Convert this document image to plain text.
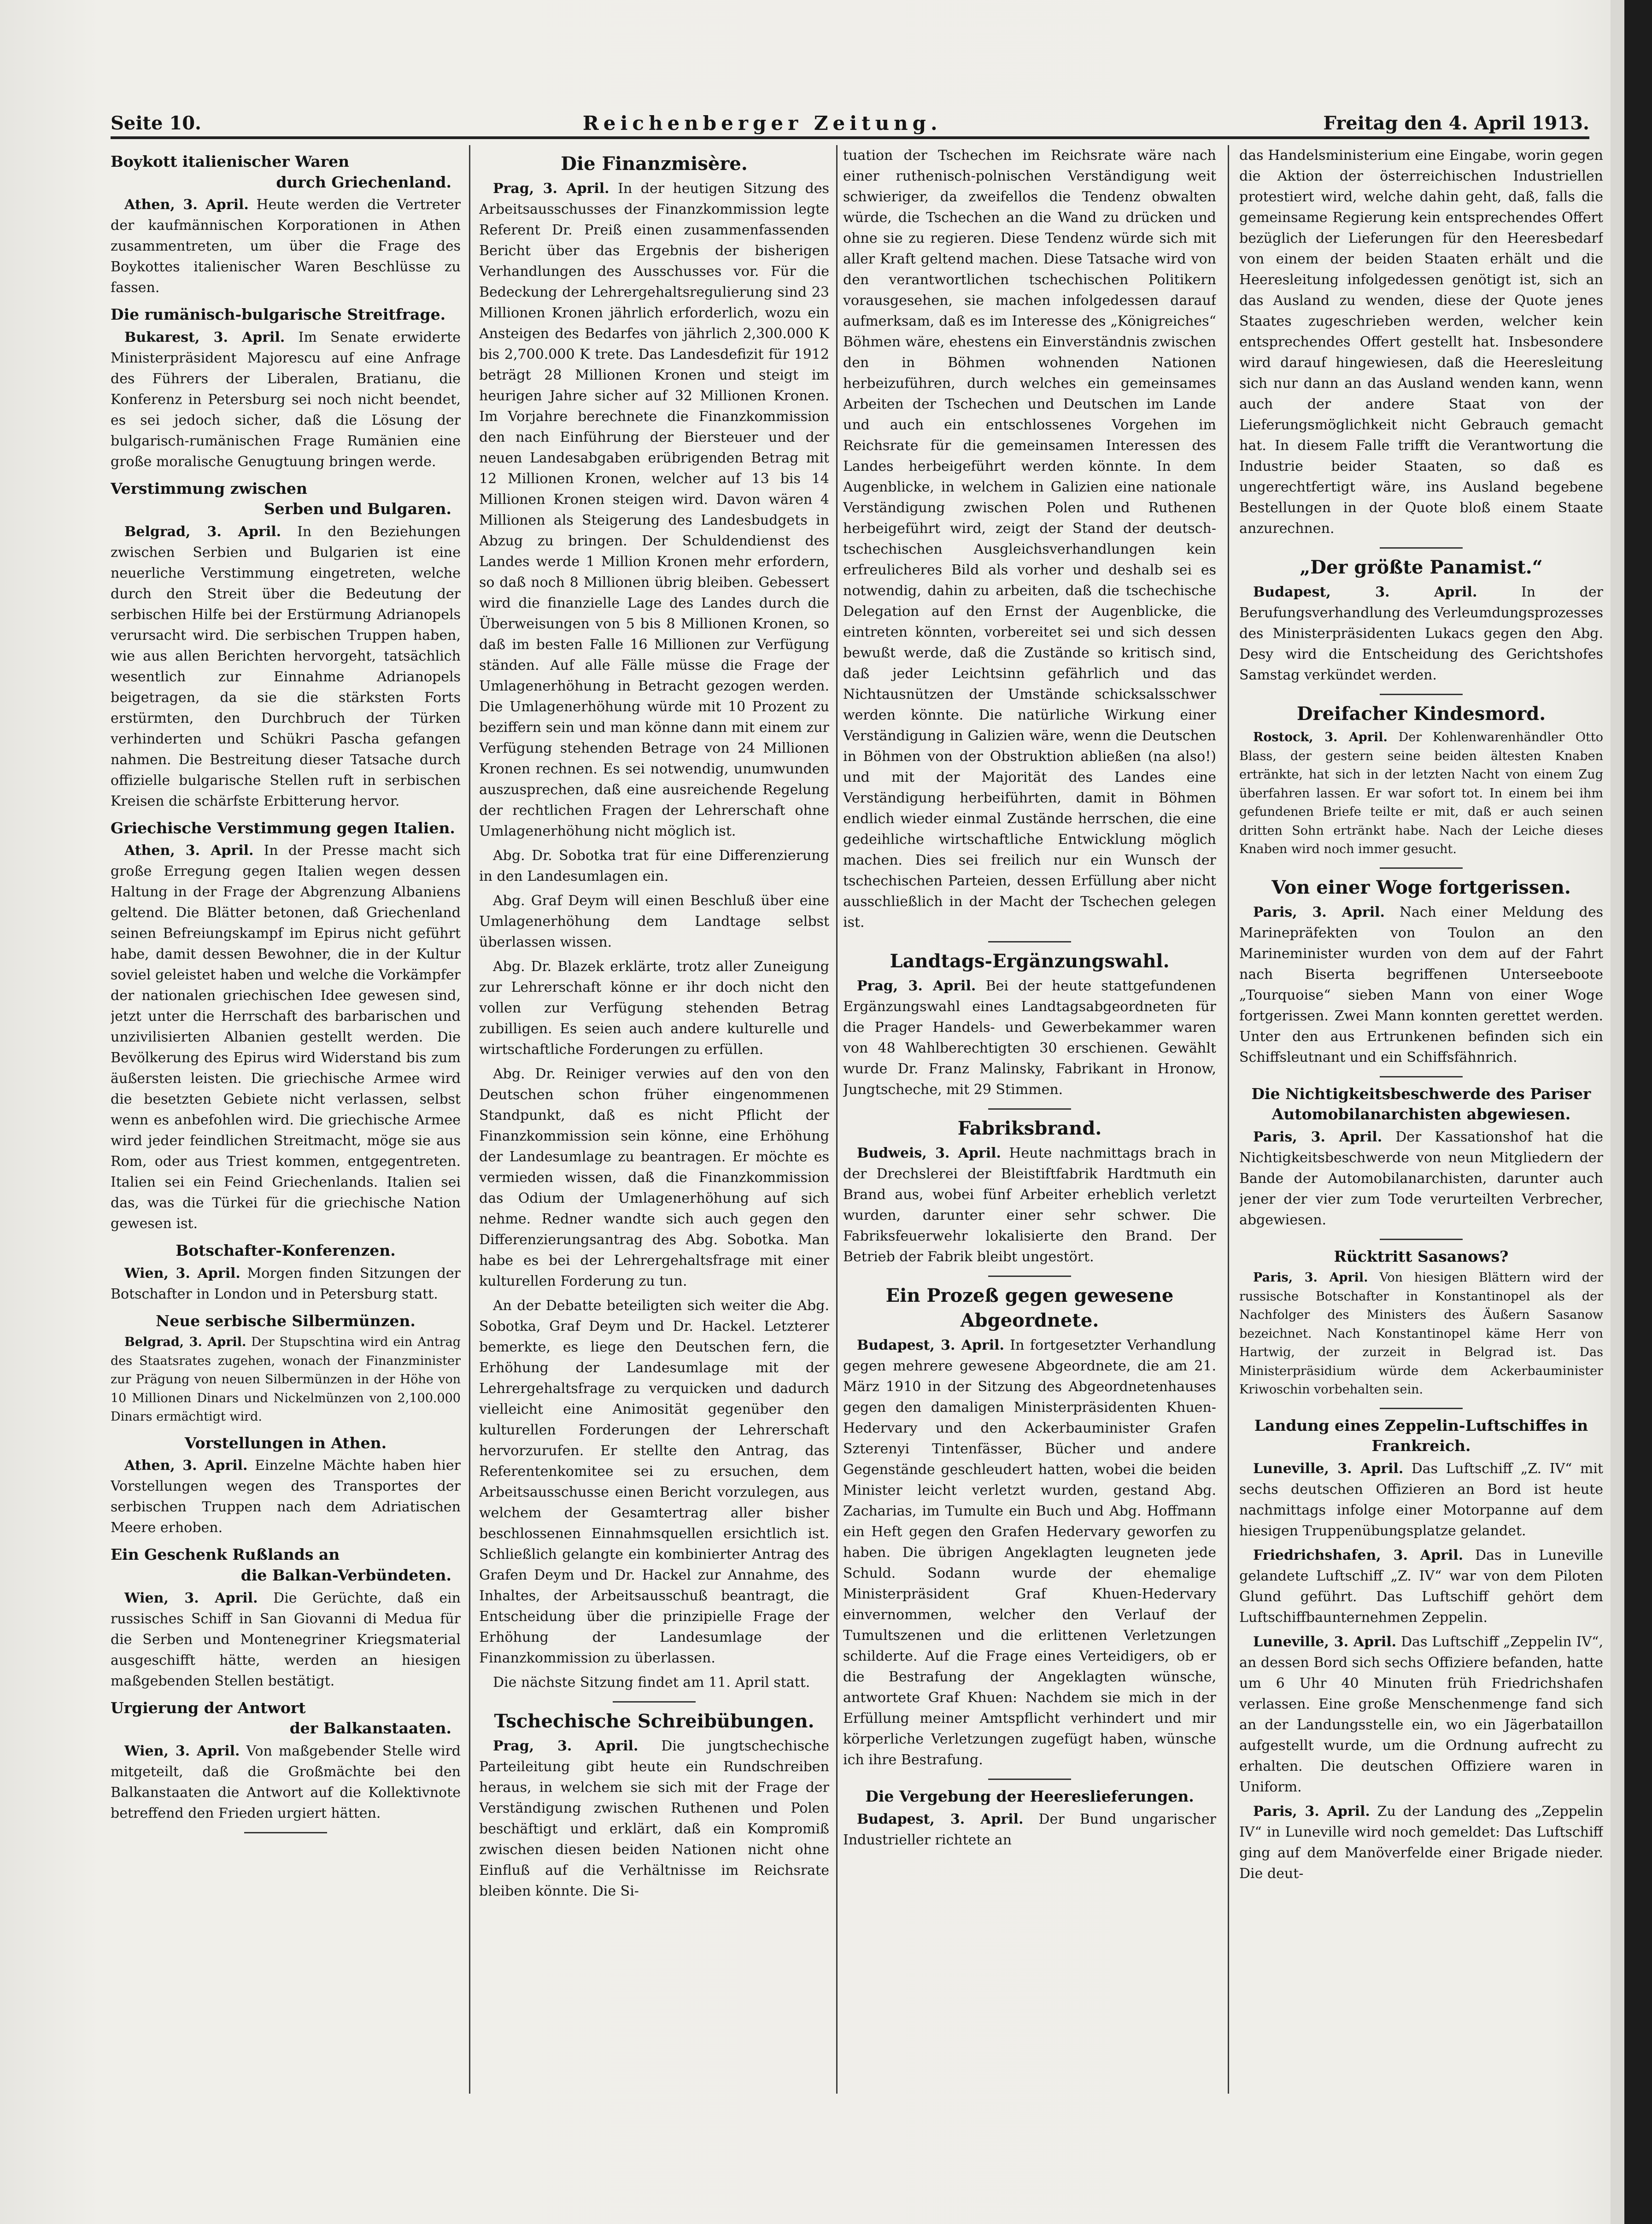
Seite 10.	Reichenberger Zeitung.	Freitag den 4. April 1913.
Boykott italienischer Waren
durch Griechenland.

Athen, 3. April. Heute werden die Vertreter der kaufmännischen Korporationen in Athen zusammentreten, um über die Frage des Boykottes italienischer Waren Beschlüsse zu fassen.

Die rumänisch-bulgarische Streitfrage.

Bukarest, 3. April. Im Senate erwiderte Ministerpräsident Majorescu auf eine Anfrage des Führers der Liberalen, Bratianu, die Konferenz in Petersburg sei noch nicht beendet, es sei jedoch sicher, daß die Lösung der bulgarisch-rumänischen Frage Rumänien eine große moralische Genugtuung bringen werde.

Verstimmung zwischen
Serben und Bulgaren.

Belgrad, 3. April. In den Beziehungen zwischen Serbien und Bulgarien ist eine neuerliche Verstimmung eingetreten, welche durch den Streit über die Bedeutung der serbischen Hilfe bei der Erstürmung Adrianopels verursacht wird. Die serbischen Truppen haben, wie aus allen Berichten hervorgeht, tatsächlich wesentlich zur Einnahme Adrianopels beigetragen, da sie die stärksten Forts erstürmten, den Durchbruch der Türken verhinderten und Schükri Pascha gefangen nahmen. Die Bestreitung dieser Tatsache durch offizielle bulgarische Stellen ruft in serbischen Kreisen die schärfste Erbitterung hervor.

Griechische Verstimmung gegen Italien.

Athen, 3. April. In der Presse macht sich große Erregung gegen Italien wegen dessen Haltung in der Frage der Abgrenzung Albaniens geltend. Die Blätter betonen, daß Griechenland seinen Befreiungskampf im Epirus nicht geführt habe, damit dessen Bewohner, die in der Kultur soviel geleistet haben und welche die Vorkämpfer der nationalen griechischen Idee gewesen sind, jetzt unter die Herrschaft des barbarischen und unzivilisierten Albanien gestellt werden. Die Bevölkerung des Epirus wird Widerstand bis zum äußersten leisten. Die griechische Armee wird die besetzten Gebiete nicht verlassen, selbst wenn es anbefohlen wird. Die griechische Armee wird jeder feindlichen Streitmacht, möge sie aus Rom, oder aus Triest kommen, entgegentreten. Italien sei ein Feind Griechenlands. Italien sei das, was die Türkei für die griechische Nation gewesen ist.

Botschafter-Konferenzen.

Wien, 3. April. Morgen finden Sitzungen der Botschafter in London und in Petersburg statt.

Neue serbische Silbermünzen.

Belgrad, 3. April. Der Stupschtina wird ein Antrag des Staatsrates zugehen, wonach der Finanzminister zur Prägung von neuen Silbermünzen in der Höhe von 10 Millionen Dinars und Nickelmünzen von 2,100.000 Dinars ermächtigt wird.

Vorstellungen in Athen.

Athen, 3. April. Einzelne Mächte haben hier Vorstellungen wegen des Transportes der serbischen Truppen nach dem Adriatischen Meere erhoben.

Ein Geschenk Rußlands an
die Balkan-Verbündeten.

Wien, 3. April. Die Gerüchte, daß ein russisches Schiff in San Giovanni di Medua für die Serben und Montenegriner Kriegsmaterial ausgeschifft hätte, werden an hiesigen maßgebenden Stellen bestätigt.

Urgierung der Antwort
der Balkanstaaten.

Wien, 3. April. Von maßgebender Stelle wird mitgeteilt, daß die Großmächte bei den Balkanstaaten die Antwort auf die Kollektivnote betreffend den Frieden urgiert hätten.

Die Finanzmisère.

Prag, 3. April. In der heutigen Sitzung des Arbeitsausschusses der Finanzkommission legte Referent Dr. Preiß einen zusammenfassenden Bericht über das Ergebnis der bisherigen Verhandlungen des Ausschusses vor. Für die Bedeckung der Lehrergehaltsregulierung sind 23 Millionen Kronen jährlich erforderlich, wozu ein Ansteigen des Bedarfes von jährlich 2,300.000 K bis 2,700.000 K trete. Das Landesdefizit für 1912 beträgt 28 Millionen Kronen und steigt im heurigen Jahre sicher auf 32 Millionen Kronen. Im Vorjahre berechnete die Finanzkommission den nach Einführung der Biersteuer und der neuen Landesabgaben erübrigenden Betrag mit 12 Millionen Kronen, welcher auf 13 bis 14 Millionen Kronen steigen wird. Davon wären 4 Millionen als Steigerung des Landesbudgets in Abzug zu bringen. Der Schuldendienst des Landes werde 1 Million Kronen mehr erfordern, so daß noch 8 Millionen übrig bleiben. Gebessert wird die finanzielle Lage des Landes durch die Überweisungen von 5 bis 8 Millionen Kronen, so daß im besten Falle 16 Millionen zur Verfügung ständen. Auf alle Fälle müsse die Frage der Umlagenerhöhung in Betracht gezogen werden. Die Umlagenerhöhung würde mit 10 Prozent zu beziffern sein und man könne dann mit einem zur Verfügung stehenden Betrage von 24 Millionen Kronen rechnen. Es sei notwendig, unumwunden auszusprechen, daß eine ausreichende Regelung der rechtlichen Fragen der Lehrerschaft ohne Umlagenerhöhung nicht möglich ist.

Abg. Dr. Sobotka trat für eine Differenzierung in den Landesumlagen ein.

Abg. Graf Deym will einen Beschluß über eine Umlagenerhöhung dem Landtage selbst überlassen wissen.

Abg. Dr. Blazek erklärte, trotz aller Zuneigung zur Lehrerschaft könne er ihr doch nicht den vollen zur Verfügung stehenden Betrag zubilligen. Es seien auch andere kulturelle und wirtschaftliche Forderungen zu erfüllen.

Abg. Dr. Reiniger verwies auf den von den Deutschen schon früher eingenommenen Standpunkt, daß es nicht Pflicht der Finanzkommission sein könne, eine Erhöhung der Landesumlage zu beantragen. Er möchte es vermieden wissen, daß die Finanzkommission das Odium der Umlagenerhöhung auf sich nehme. Redner wandte sich auch gegen den Differenzierungsantrag des Abg. Sobotka. Man habe es bei der Lehrergehaltsfrage mit einer kulturellen Forderung zu tun.

An der Debatte beteiligten sich weiter die Abg. Sobotka, Graf Deym und Dr. Hackel. Letzterer bemerkte, es liege den Deutschen fern, die Erhöhung der Landesumlage mit der Lehrergehaltsfrage zu verquicken und dadurch vielleicht eine Animosität gegenüber den kulturellen Forderungen der Lehrerschaft hervorzurufen. Er stellte den Antrag, das Referentenkomitee sei zu ersuchen, dem Arbeitsausschusse einen Bericht vorzulegen, aus welchem der Gesamtertrag aller bisher beschlossenen Einnahmsquellen ersichtlich ist. Schließlich gelangte ein kombinierter Antrag des Grafen Deym und Dr. Hackel zur Annahme, des Inhaltes, der Arbeitsausschuß beantragt, die Entscheidung über die prinzipielle Frage der Erhöhung der Landesumlage der Finanzkommission zu überlassen.

Die nächste Sitzung findet am 11. April statt.

Tschechische Schreibübungen.

Prag, 3. April. Die jungtschechische Parteileitung gibt heute ein Rundschreiben heraus, in welchem sie sich mit der Frage der Verständigung zwischen Ruthenen und Polen beschäftigt und erklärt, daß ein Kompromiß zwischen diesen beiden Nationen nicht ohne Einfluß auf die Verhältnisse im Reichsrate bleiben könnte. Die Si-

tuation der Tschechen im Reichsrate wäre nach einer ruthenisch-polnischen Verständigung weit schwieriger, da zweifellos die Tendenz obwalten würde, die Tschechen an die Wand zu drücken und ohne sie zu regieren. Diese Tendenz würde sich mit aller Kraft geltend machen. Diese Tatsache wird von den verantwortlichen tschechischen Politikern vorausgesehen, sie machen infolgedessen darauf aufmerksam, daß es im Interesse des „Königreiches“ Böhmen wäre, ehestens ein Einverständnis zwischen den in Böhmen wohnenden Nationen herbeizuführen, durch welches ein gemeinsames Arbeiten der Tschechen und Deutschen im Lande und auch ein entschlossenes Vorgehen im Reichsrate für die gemeinsamen Interessen des Landes herbeigeführt werden könnte. In dem Augenblicke, in welchem in Galizien eine nationale Verständigung zwischen Polen und Ruthenen herbeigeführt wird, zeigt der Stand der deutsch-tschechischen Ausgleichsverhandlungen kein erfreulicheres Bild als vorher und deshalb sei es notwendig, dahin zu arbeiten, daß die tschechische Delegation auf den Ernst der Augenblicke, die eintreten könnten, vorbereitet sei und sich dessen bewußt werde, daß die Zustände so kritisch sind, daß jeder Leichtsinn gefährlich und das Nichtausnützen der Umstände schicksalsschwer werden könnte. Die natürliche Wirkung einer Verständigung in Galizien wäre, wenn die Deutschen in Böhmen von der Obstruktion abließen (na also!) und mit der Majorität des Landes eine Verständigung herbeiführten, damit in Böhmen endlich wieder einmal Zustände herrschen, die eine gedeihliche wirtschaftliche Entwicklung möglich machen. Dies sei freilich nur ein Wunsch der tschechischen Parteien, dessen Erfüllung aber nicht ausschließlich in der Macht der Tschechen gelegen ist.

Landtags-Ergänzungswahl.

Prag, 3. April. Bei der heute stattgefundenen Ergänzungswahl eines Landtagsabgeordneten für die Prager Handels- und Gewerbekammer waren von 48 Wahlberechtigten 30 erschienen. Gewählt wurde Dr. Franz Malinsky, Fabrikant in Hronow, Jungtscheche, mit 29 Stimmen.

Fabriksbrand.

Budweis, 3. April. Heute nachmittags brach in der Drechslerei der Bleistiftfabrik Hardtmuth ein Brand aus, wobei fünf Arbeiter erheblich verletzt wurden, darunter einer sehr schwer. Die Fabriksfeuerwehr lokalisierte den Brand. Der Betrieb der Fabrik bleibt ungestört.

Ein Prozeß gegen gewesene Abgeordnete.

Budapest, 3. April. In fortgesetzter Verhandlung gegen mehrere gewesene Abgeordnete, die am 21. März 1910 in der Sitzung des Abgeordnetenhauses gegen den damaligen Ministerpräsidenten Khuen-Hedervary und den Ackerbauminister Grafen Szterenyi Tintenfässer, Bücher und andere Gegenstände geschleudert hatten, wobei die beiden Minister leicht verletzt wurden, gestand Abg. Zacharias, im Tumulte ein Buch und Abg. Hoffmann ein Heft gegen den Grafen Hedervary geworfen zu haben. Die übrigen Angeklagten leugneten jede Schuld. Sodann wurde der ehemalige Ministerpräsident Graf Khuen-Hedervary einvernommen, welcher den Verlauf der Tumultszenen und die erlittenen Verletzungen schilderte. Auf die Frage eines Verteidigers, ob er die Bestrafung der Angeklagten wünsche, antwortete Graf Khuen: Nachdem sie mich in der Erfüllung meiner Amtspflicht verhindert und mir körperliche Verletzungen zugefügt haben, wünsche ich ihre Bestrafung.

Die Vergebung der Heereslieferungen.

Budapest, 3. April. Der Bund ungarischer Industrieller richtete an

das Handelsministerium eine Eingabe, worin gegen die Aktion der österreichischen Industriellen protestiert wird, welche dahin geht, daß, falls die gemeinsame Regierung kein entsprechendes Offert bezüglich der Lieferungen für den Heeresbedarf von einem der beiden Staaten erhält und die Heeresleitung infolgedessen genötigt ist, sich an das Ausland zu wenden, diese der Quote jenes Staates zugeschrieben werden, welcher kein entsprechendes Offert gestellt hat. Insbesondere wird darauf hingewiesen, daß die Heeresleitung sich nur dann an das Ausland wenden kann, wenn auch der andere Staat von der Lieferungsmöglichkeit nicht Gebrauch gemacht hat. In diesem Falle trifft die Verantwortung die Industrie beider Staaten, so daß es ungerechtfertigt wäre, ins Ausland begebene Bestellungen in der Quote bloß einem Staate anzurechnen.

„Der größte Panamist.“

Budapest, 3. April.	In der Berufungsverhandlung des Verleumdungsprozesses des Ministerpräsidenten Lukacs gegen den Abg. Desy wird die Entscheidung des Gerichtshofes Samstag verkündet werden.

Dreifacher Kindesmord.

Rostock, 3. April. Der Kohlenwarenhändler Otto Blass, der gestern seine beiden ältesten Knaben ertränkte, hat sich in der letzten Nacht von einem Zug überfahren lassen. Er war sofort tot. In einem bei ihm gefundenen Briefe teilte er mit, daß er auch seinen dritten Sohn ertränkt habe. Nach der Leiche dieses Knaben wird noch immer gesucht.

Von einer Woge fortgerissen.

Paris, 3. April. Nach einer Meldung des Marinepräfekten von Toulon an den Marineminister wurden von dem auf der Fahrt nach Biserta begriffenen Unterseeboote „Tourquoise“ sieben Mann von einer Woge fortgerissen. Zwei Mann konnten gerettet werden. Unter den aus Ertrunkenen befinden sich ein Schiffsleutnant und ein Schiffsfähnrich.

Die Nichtigkeitsbeschwerde des Pariser
Automobilanarchisten abgewiesen.

Paris, 3. April. Der Kassationshof hat die Nichtigkeitsbeschwerde von neun Mitgliedern der Bande der Automobilanarchisten, darunter auch jener der vier zum Tode verurteilten Verbrecher, abgewiesen.

Rücktritt Sasanows?

Paris, 3. April. Von hiesigen Blättern wird der russische Botschafter in Konstantinopel als der Nachfolger des Ministers des Äußern Sasanow bezeichnet. Nach Konstantinopel käme Herr von Hartwig, der zurzeit in Belgrad ist. Das Ministerpräsidium würde dem Ackerbauminister Kriwoschin vorbehalten sein.

Landung eines Zeppelin-Luftschiffes in
Frankreich.

Luneville, 3. April. Das Luftschiff „Z. IV“ mit sechs deutschen Offizieren an Bord ist heute nachmittags infolge einer Motorpanne auf dem hiesigen Truppenübungsplatze gelandet.

Friedrichshafen, 3. April. Das in Luneville gelandete Luftschiff „Z. IV“ war von dem Piloten Glund geführt. Das Luftschiff gehört dem Luftschiffbaunternehmen Zeppelin.

Luneville, 3. April. Das Luftschiff „Zeppelin IV“, an dessen Bord sich sechs Offiziere befanden, hatte um 6 Uhr 40 Minuten früh Friedrichshafen verlassen. Eine große Menschenmenge fand sich an der Landungsstelle ein, wo ein Jägerbataillon aufgestellt wurde, um die Ordnung aufrecht zu erhalten. Die deutschen Offiziere waren in Uniform.

Paris, 3. April. Zu der Landung des „Zeppelin IV“ in Luneville wird noch gemeldet: Das Luftschiff ging auf dem Manöverfelde einer Brigade nieder. Die deut-
